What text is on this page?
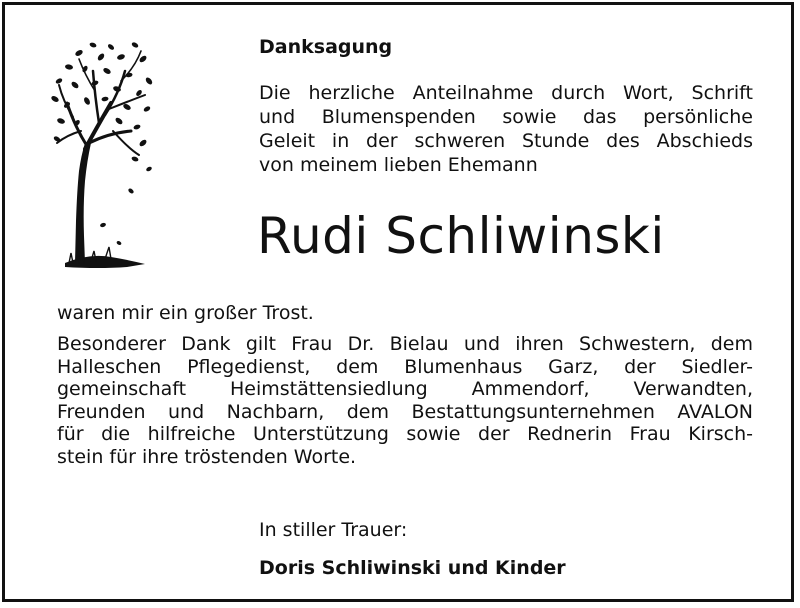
Danksagung
Die herzliche Anteilnahme durch Wort, Schrift
und Blumenspenden sowie das persönliche
Geleit in der schweren Stunde des Abschieds
von meinem lieben Ehemann
Rudi Schliwinski
waren mir ein großer Trost.
Besonderer Dank gilt Frau Dr. Bielau und ihren Schwestern, dem
Halleschen Pflegedienst, dem Blumenhaus Garz, der Siedler-
gemeinschaft Heimstättensiedlung Ammendorf, Verwandten,
Freunden und Nachbarn, dem Bestattungsunternehmen AVALON
für die hilfreiche Unterstützung sowie der Rednerin Frau Kirsch-
stein für ihre tröstenden Worte.
In stiller Trauer:
Doris Schliwinski und Kinder
